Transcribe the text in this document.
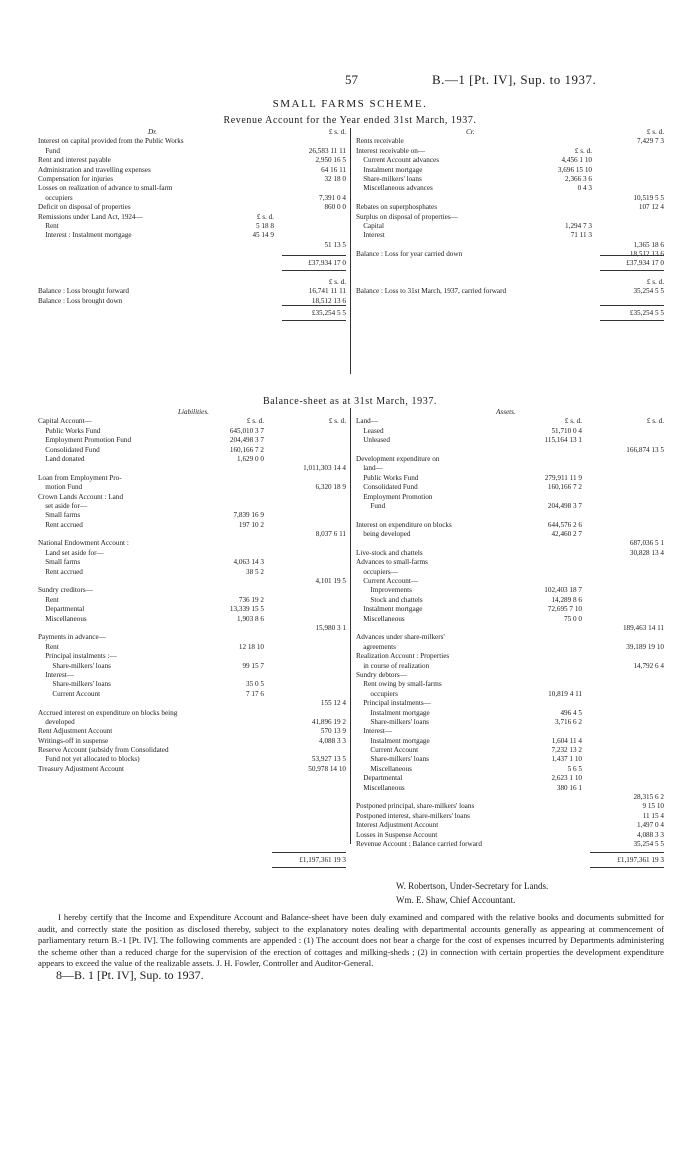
57	B.—1 [Pt. IV], Sup. to 1937.
SMALL FARMS SCHEME.
Revenue Account for the Year ended 31st March, 1937.
Dr.	£ s. d.
Interest on capital provided from the Public Works
Fund	26,583 11 11
Rent and interest payable	2,950 16 5
Administration and travelling expenses	64 16 11
Compensation for injuries	32 18 0
Losses on realization of advance to small-farm
occupiers	7,391 0 4
Deficit on disposal of properties	860 0 0
Remissions under Land Act, 1924—	£ s. d.
Rent	5 18 8
Interest : Instalment mortgage	45 14 9
51 13 5
Cr.	£ s. d.
Rents receivable	7,429 7 3
Interest receivable on—	£ s. d.
Current Account advances	4,456 1 10
Instalment mortgage	3,696 15 10
Share-milkers' loans	2,366 3 6
Miscellaneous advances	0 4 3
10,519 5 5
Rebates on superphosphates	107 12 4
Surplus on disposal of properties—
Capital	1,294 7 3
Interest	71 11 3
1,365 18 6
Balance : Loss for year carried down	18,512 13 6
£37,934 17 0	£37,934 17 0
£ s. d.
Balance : Loss brought forward	16,741 11 11
Balance : Loss brought down	18,512 13 6
£ s. d.
Balance : Loss to 31st March, 1937, carried forward	35,254 5 5
£35,254 5 5	£35,254 5 5
Balance-sheet as at 31st March, 1937.
Liabilities.
Capital Account—	£ s. d.	£ s. d.
Public Works Fund	645,010 3 7
Employment Promotion Fund	204,498 3 7
Consolidated Fund	160,166 7 2
Land donated	1,629 0 0
1,011,303 14 4
Loan from Employment Pro-
motion Fund	6,320 18 9
Crown Lands Account : Land
set aside for—
Small farms	7,839 16 9
Rent accrued	197 10 2
8,037 6 11
National Endowment Account :
Land set aside for—
Small farms	4,063 14 3
Rent accrued	38 5 2
4,101 19 5
Sundry creditors—
Rent	736 19 2
Departmental	13,339 15 5
Miscellaneous	1,903 8 6
15,980 3 1
Payments in advance—
Rent	12 18 10
Principal instalments :—
Share-milkers' loans	99 15 7
Interest—
Share-milkers' loans	35 0 5
Current Account	7 17 6
155 12 4
Accrued interest on expenditure on blocks being
developed	41,896 19 2
Rent Adjustment Account	570 13 9
Writings-off in suspense	4,088 3 3
Reserve Account (subsidy from Consolidated
Fund not yet allocated to blocks)	53,927 13 5
Treasury Adjustment Account	50,978 14 10
Assets.
Land—	£ s. d.	£ s. d.
Leased	51,710 0 4
Unleased	115,164 13 1
166,874 13 5
Development expenditure on
land—
Public Works Fund	279,911 11 9
Consolidated Fund	160,166 7 2
Employment Promotion
Fund	204,498 3 7
Interest on expenditure on blocks	644,576 2 6
being developed	42,460 2 7
687,036 5 1
Live-stock and chattels	30,828 13 4
Advances to small-farms
occupiers—
Current Account—
Improvements	102,403 18 7
Stock and chattels	14,289 8 6
Instalment mortgage	72,695 7 10
Miscellaneous	75 0 0
189,463 14 11
Advances under share-milkers'
agreements	39,189 19 10
Realization Account : Properties
in course of realization	14,792 6 4
Sundry debtors—
Rent owing by small-farms
occupiers	10,819 4 11
Principal instalments—
Instalment mortgage	496 4 5
Share-milkers' loans	3,716 6 2
Interest—
Instalment mortgage	1,604 11 4
Current Account	7,232 13 2
Share-milkers' loans	1,437 1 10
Miscellaneous	5 6 5
Departmental	2,623 1 10
Miscellaneous	380 16 1
28,315 6 2
Postponed principal, share-milkers' loans	9 15 10
Postponed interest, share-milkers' loans	11 15 4
Interest Adjustment Account	1,497 0 4
Losses in Suspense Account	4,088 3 3
Revenue Account : Balance carried forward	35,254 5 5
£1,197,361 19 3	£1,197,361 19 3
W. Robertson, Under-Secretary for Lands.
Wm. E. Shaw, Chief Accountant.
I hereby certify that the Income and Expenditure Account and Balance-sheet have been duly examined and compared with the relative books and documents submitted for audit, and correctly state the position as disclosed thereby, subject to the explanatory notes dealing with departmental accounts generally as appearing at commencement of parliamentary return B.-1 [Pt. IV]. The following comments are appended : (1) The account does not bear a charge for the cost of expenses incurred by Departments administering the scheme other than a reduced charge for the supervision of the erection of cottages and milking-sheds ; (2) in connection with certain properties the development expenditure appears to exceed the value of the realizable assets. J. H. Fowler, Controller and Auditor-General.
8—B. 1 [Pt. IV], Sup. to 1937.
